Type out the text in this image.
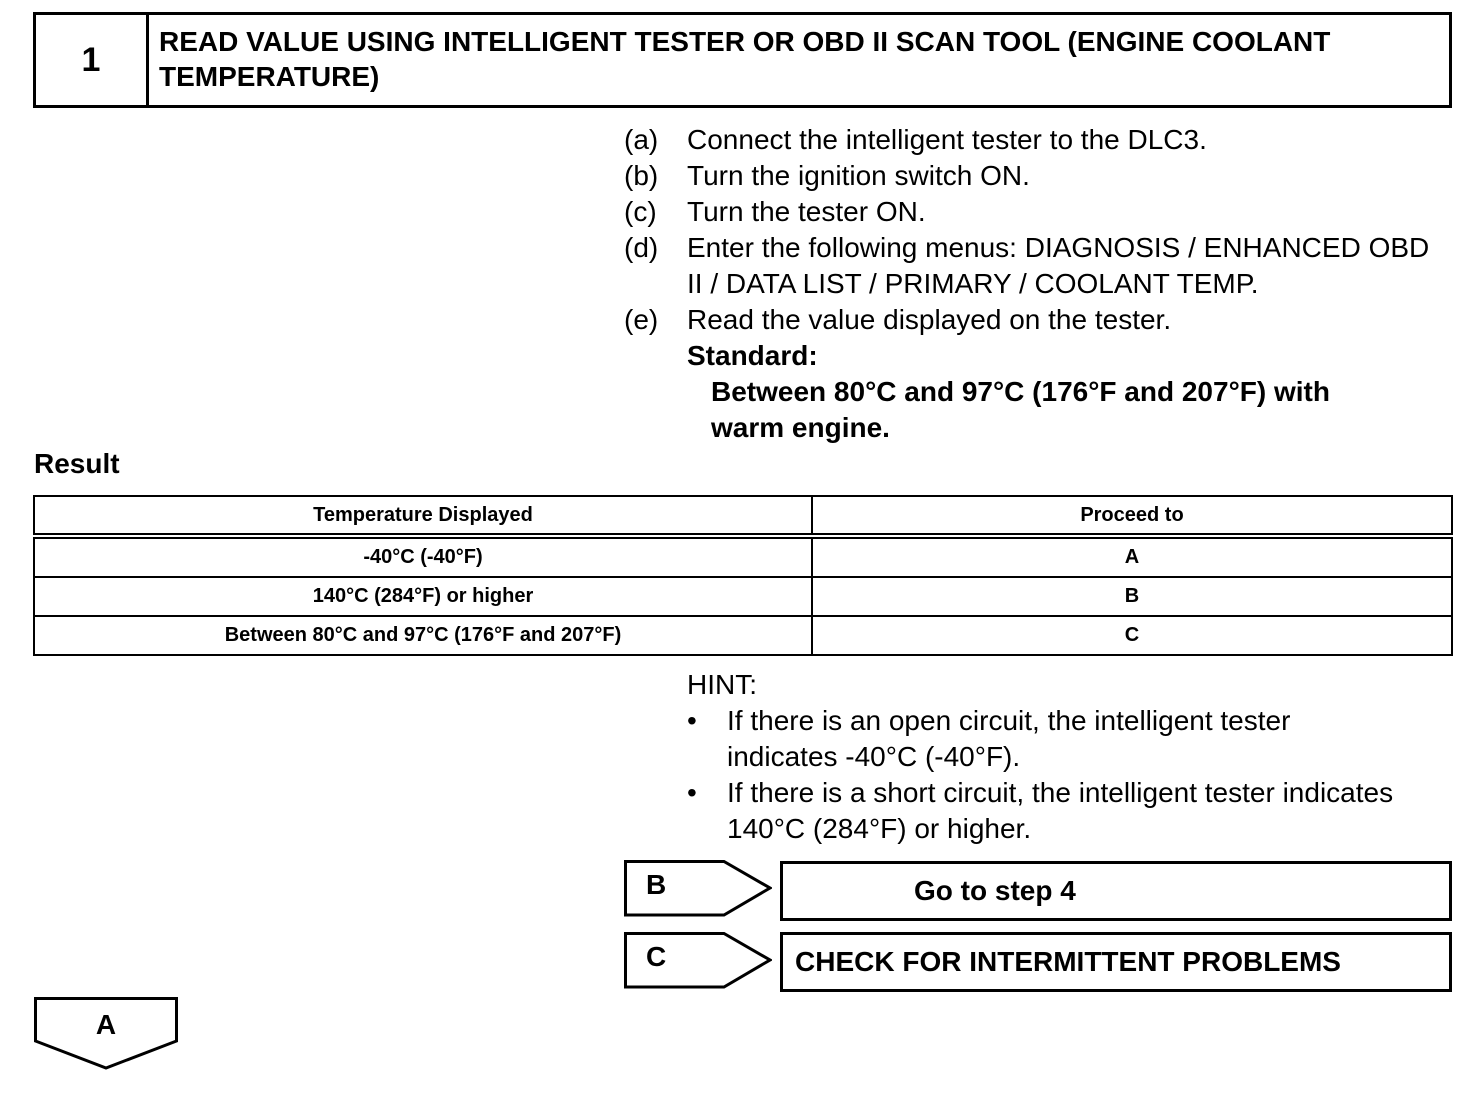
1	READ VALUE USING INTELLIGENT TESTER OR OBD II SCAN TOOL (ENGINE COOLANT TEMPERATURE)
(a)	Connect the intelligent tester to the DLC3.
(b)	Turn the ignition switch ON.
(c)	Turn the tester ON.
(d)	Enter the following menus: DIAGNOSIS / ENHANCED OBD II / DATA LIST / PRIMARY / COOLANT TEMP.
(e)	Read the value displayed on the tester.
Standard:
Between 80°C and 97°C (176°F and 207°F) with
warm engine.
Result
Temperature Displayed	Proceed to
-40°C (-40°F)	A
140°C (284°F) or higher	B
Between 80°C and 97°C (176°F and 207°F)	C
HINT:
•	If there is an open circuit, the intelligent tester
indicates -40°C (-40°F).
•	If there is a short circuit, the intelligent tester indicates
140°C (284°F) or higher.
B	Go to step 4
C	CHECK FOR INTERMITTENT PROBLEMS
A
